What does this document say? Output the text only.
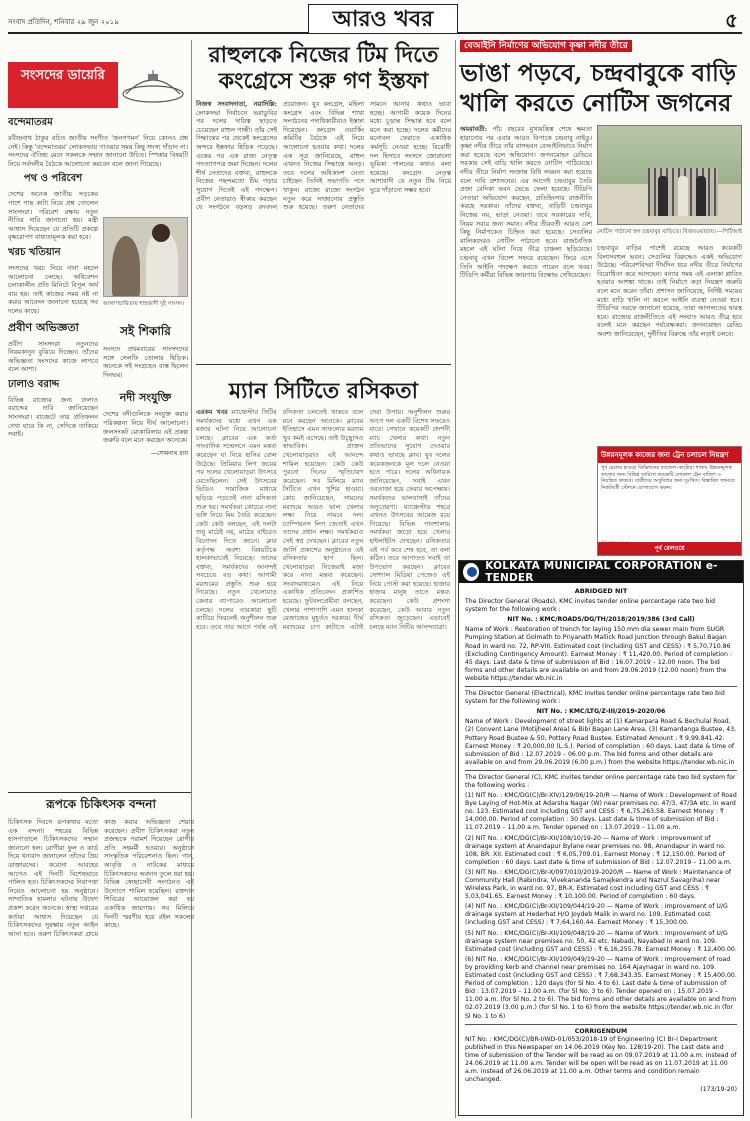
সংবাদ প্রতিদিন, শনিবার ২৯ জুন ২০১৯	আরও খবর	৫
সংসদের ডায়েরি
বন্দেমাতরম
রবীন্দ্রনাথ ঠাকুর রচিত জাতীয় সংগীত 'জনগণমন' নিয়ে কোনও প্রশ্ন নেই। কিন্তু 'বন্দেমাতরম' লোকসভায় গাওয়ার সময় কিছু সদস্য দাঁড়ান না। সংসদের ঐতিহ্য মেনে সকলকে সম্মান জানানো উচিত। স্পিকার বিষয়টি নিয়ে সর্বদলীয় বৈঠকে আলোচনা করবেন বলে জানা গিয়েছে।
আলাপচারিতায় শাহজাদী দুই সাংসদ।
পথ ও পরিবেশ
দেশের অনেক জাতীয় সড়কের পাশে গাছ কাটা নিয়ে প্রশ্ন তোলেন সাংসদরা। পরিবেশ রক্ষায় নতুন নীতির দাবি জানানো হয়। মন্ত্রী আশ্বাস দিয়েছেন যে প্রতিটি প্রকল্পে বৃক্ষরোপণ বাধ্যতামূলক করা হবে।
খরচ খতিয়ান
সংসদের খরচ নিয়ে নানা মহলে আলোচনা চলছে। অধিবেশন চলাকালীন প্রতি মিনিটে বিপুল অর্থ ব্যয় হয়। তাই কাজের সময় নষ্ট না করার আবেদন জানানো হয়েছে সব দলের কাছে।
সই শিকারি
সংসদে প্রথমবারের সাংসদদের সঙ্গে সেলফি তোলার হিড়িক। অনেকে সই সংগ্রহেও ব্যস্ত ছিলেন দিনভর।
নদী সংযুক্তি
দেশের নদীগুলিকে সংযুক্ত করার পরিকল্পনা নিয়ে দীর্ঘ আলোচনা। জলসংকট মোকাবিলায় এই প্রকল্প জরুরি বলে মনে করছেন অনেকে।
—সোমনাথ রায়
প্রবীণ অভিজ্ঞতা
প্রবীণ সাংসদরা নতুনদের নিয়মকানুন বুঝিয়ে দিচ্ছেন। তাঁদের অভিজ্ঞতা সংসদের কাজে লাগবে বলে আশা।
ঢালাও বরাদ্দ
বিভিন্ন রাজ্যের জন্য ঢালাও বরাদ্দের দাবি জানিয়েছেন সাংসদরা। বাজেটে তার প্রতিফলন দেখা যাবে কি না, সেদিকে তাকিয়ে সবাই।
রাহুলকে নিজের টিম দিতে কংগ্রেসে শুরু গণ ইস্তফা
নিজস্ব সংবাদদাতা, নয়াদিল্লি: লোকসভা নির্বাচনে ভরাডুবির পর দলের দায়িত্ব ছাড়তে চেয়েছেন রাহুল গান্ধী। তাঁর সেই সিদ্ধান্তের পর থেকেই কংগ্রেসের অন্দরে ইস্তফার হিড়িক পড়েছে। একের পর এক রাজ্য নেতৃত্ব পদত্যাগপত্র জমা দিচ্ছেন। দলের শীর্ষ নেতাদের বক্তব্য, রাহুলকে নিজের পছন্দমতো টিম গড়ার সুযোগ দিতেই এই পদক্ষেপ। প্রবীণ নেতারাও স্বীকার করছেন যে সংগঠনে বড়সড় রদবদল প্রয়োজন। যুব কংগ্রেস, মহিলা কংগ্রেস এবং বিভিন্ন শাখা সংগঠনের পদাধিকারীরাও ইস্তফা দিয়েছেন। কংগ্রেস ওয়ার্কিং কমিটির বৈঠকে এই নিয়ে আলোচনা হওয়ার কথা। দলের এক সূত্র জানিয়েছে, রাহুল এখনও নিজের সিদ্ধান্তে অনড়। তবে দলের অধিকাংশ নেতা চাইছেন তিনিই সভাপতি পদে থাকুন। রাজ্যে রাজ্যে সংগঠন নতুন করে সাজানোর প্রস্তুতি শুরু হয়েছে। তরুণ নেতাদের সামনে আনার কথাও ভাবা হচ্ছে। আগামী কয়েক দিনের মধ্যে চূড়ান্ত সিদ্ধান্ত হবে বলে মনে করা হচ্ছে। দলের কর্মীদের মনোবল ফেরাতে একাধিক কর্মসূচি নেওয়া হচ্ছে। বিরোধী দল হিসাবে সংসদে জোরালো ভূমিকা পালনের কথাও বলা হয়েছে। কংগ্রেস নেতৃত্ব আশাবাদী যে নতুন টিম নিয়ে ঘুরে দাঁড়ানো সম্ভব হবে।
ম্যান সিটিতে রসিকতা
এরকম খবর ম্যাঞ্চেস্টার সিটির সমর্থকদের মধ্যে এখন এক মজার ঘটনা নিয়ে আলোচনা চলছে। ক্লাবের এক কর্তা সাংবাদিক সম্মেলনে এমন মন্তব্য করেছেন যা নিয়ে হাসির রোল উঠেছে। প্রিমিয়ার লিগ জয়ের পর দলের খেলোয়াড়রা উৎসবে মেতেছিলেন। সেই উৎসবের ভিডিও সামাজিক মাধ্যমে ছড়িয়ে পড়তেই নানা রসিকতা শুরু হয়। সমর্থকরা কোচের নানা ভঙ্গি নিয়ে মিম তৈরি করেছেন। কেউ কেউ বলছেন, এই দলটা শুধু মাঠেই নয়, মাঠের বাইরেও বিনোদন দিতে জানে। ক্লাব কর্তৃপক্ষ অবশ্য বিষয়টিকে হালকাভাবেই নিয়েছে। তাদের বক্তব্য, সমর্থকদের আনন্দই সবচেয়ে বড় কথা। আগামী মরশুমের প্রস্তুতি শুরু হয়ে গিয়েছে। নতুন খেলোয়াড় কেনার ব্যাপারেও আলোচনা চলছে। দলের তারকারা ছুটি কাটিয়ে ফিরলেই অনুশীলন শুরু হবে। তবে তার আগে পর্যন্ত এই রসিকতা চলতেই থাকবে বলে মনে করছেন অনেকে। ক্লাবের ইতিহাসে এমন সাফল্যের মরশুম খুব কমই এসেছে। তাই উচ্ছ্বাসও স্বাভাবিক। প্রাক্তন খেলোয়াড়রাও এই আনন্দে শামিল হয়েছেন। কেউ কেউ পুরনো দিনের স্মৃতিচারণ করেছেন। সব মিলিয়ে ম্যান সিটিতে এখন খুশির হাওয়া। কোচ জানিয়েছেন, সামনের মরশুমে আরও ভাল খেলার লক্ষ্য নিয়ে নামবে দল। চ্যাম্পিয়নস লিগ জেতাই এখন তাদের প্রধান লক্ষ্য। সমর্থকরাও সেই স্বপ্ন দেখছেন। ক্লাবের নতুন জার্সি প্রকাশের অনুষ্ঠানেও এই রসিকতার ছাপ ছিল। খেলোয়াড়রা নিজেরাই মজা করে নানা মন্তব্য করেছেন। সংবাদমাধ্যমেও এই নিয়ে একাধিক প্রতিবেদন প্রকাশিত হয়েছে। ফুটবলপ্রেমীরা বলছেন, খেলার পাশাপাশি এমন হালকা মেজাজের মুহূর্তও দরকার। দীর্ঘ মরশুমের চাপ কাটাতে এটাই সেরা উপায়। অনুশীলন শুরুর আগে দল একটি বিশেষ সফরেও যাবে। সেখানে কয়েকটি প্রদর্শনী ম্যাচ খেলার কথা। নতুন প্রতিভাদের সুযোগ দেওয়ার কথাও ভাবছে ক্লাব। যুব দলের কয়েকজনকে মূল দলে নেওয়া হতে পারে। দলের অধিনায়ক জানিয়েছেন, সবাই এখন তরতাজা হয়ে ফেরার অপেক্ষায়। সমর্থকদের ভালবাসাই তাঁদের অনুপ্রেরণা। ম্যাঞ্চেস্টার শহরে এখনও উৎসবের আমেজ রয়ে গিয়েছে। বিভিন্ন পানশালায় সমর্থকরা জড়ো হয়ে খেলার হাইলাইটস দেখছেন। রসিকতার এই পর্ব কবে শেষ হবে, তা বলা কঠিন। তবে আপাতত সবাই তা উপভোগ করছেন। ক্লাবের সোশ্যাল মিডিয়া পেজেও এই নিয়ে পোস্ট করা হয়েছে। হাজার হাজার মানুষ তাতে মন্তব্য করেছেন। কেউ প্রশংসা করেছেন, কেউ আবার নতুন রসিকতা জুড়েছেন। এভাবেই চলছে ম্যান সিটির আনন্দযাত্রা।
বেআইনি নির্মাণের অভিযোগ কৃষ্ণা নদীর তীরে
ভাঙা পড়বে, চন্দ্রবাবুকে বাড়ি খালি করতে নোটিস জগনের
অমরাবতী: পাঁচ বছরের মুখ্যমন্ত্রিত্ব শেষে ক্ষমতা হারানোর পর এবার আরও বিপাকে চন্দ্রবাবু নাইডু। কৃষ্ণা নদীর তীরে তাঁর বাসভবন বেআইনিভাবে নির্মাণ করা হয়েছে বলে অভিযোগ। জগনমোহন রেড্ডির সরকার সেই বাড়ি খালি করতে নোটিস পাঠিয়েছে। নদীর তীরে নির্মাণ সংক্রান্ত বিধি লঙ্ঘন করা হয়েছে বলে দাবি প্রশাসনের। এর আগেই চন্দ্রবাবুর তৈরি প্রজা বেদিকা ভবন ভেঙে ফেলা হয়েছে। টিডিপি নেতারা অভিযোগ করছেন, প্রতিহিংসার রাজনীতি করছে সরকার। তাঁদের বক্তব্য, বাড়িটি চন্দ্রবাবুর নিজের নয়, ভাড়া নেওয়া। তবে সরকারের দাবি, নিয়ম সবার জন্য সমান। নদীর তীরবর্তী আরও বেশ কিছু নির্মাণকেও চিহ্নিত করা হয়েছে। সেগুলির মালিকদেরও নোটিস পাঠানো হবে। রাজনৈতিক মহলে এই ঘটনা নিয়ে তীব্র চাঞ্চল্য ছড়িয়েছে। চন্দ্রবাবু এখন বিদেশ সফরে রয়েছেন। ফিরে এসে তিনি আইনি পদক্ষেপ করতে পারেন বলে খবর। টিডিপি কর্মীরা বিভিন্ন জায়গায় বিক্ষোভ দেখিয়েছেন।
নোটিস পাঠানো হল চন্দ্রবাবুর বাড়িতে। বিজয়ওয়াড়ায়। —পিটিআই
চন্দ্রবাবুর বাড়ির পাশেই রয়েছে আরও কয়েকটি বিলাসবহুল ভবন। সেগুলির বিরুদ্ধেও একই অভিযোগ উঠেছে। পরিবেশবিদরা দীর্ঘদিন ধরে নদীর তীরে নির্মাণের বিরোধিতা করে আসছেন। বন্যার সময় এই এলাকা প্লাবিত হওয়ার আশঙ্কা থাকে। তাই নির্মাণে কড়া নিয়ন্ত্রণ জরুরি বলে মনে করেন তাঁরা। প্রশাসন জানিয়েছে, নির্দিষ্ট সময়ের মধ্যে বাড়ি খালি না করলে আইনি ব্যবস্থা নেওয়া হবে। টিডিপির তরফে জানানো হয়েছে, তারা আদালতের দ্বারস্থ হবে। রাজ্যের রাজনীতিতে এই সংঘাত আরও তীব্র হবে বলেই মনে করছেন পর্যবেক্ষকরা। জগনমোহন রেড্ডি অবশ্য জানিয়েছেন, দুর্নীতির বিরুদ্ধে তাঁর লড়াই চলবে।
উন্নয়নমূলক কাজের জন্য ট্রেন চলাচল নিয়ন্ত্রণ
পূর্ব রেলের হাওড়া ডিভিশনের ব্যান্ডেল–কাটোয়া শাখায় উন্নয়নমূলক কাজের জন্য বিভিন্ন তারিখে কয়েকটি লোকাল ট্রেন বাতিল ও নিয়ন্ত্রিত থাকবে। যাত্রীদের অসুবিধার জন্য দুঃখিত। বিস্তারিত জানতে নিকটবর্তী স্টেশনে যোগাযোগ করুন।
পূর্ব রেলওয়ে
KOLKATA MUNICIPAL CORPORATION e- TENDER
ABRIDGED NIT
The Director General (Roads), KMC invites tender online percentage rate two bid system for the following work :
NIT No. : KMC/ROADS/DG/TH/2018/2019/386 (3rd Call)
Name of Work : Restoration of trench for laying 150 mm dia sewer main from SUGR Pumping Station at Golmath to Priyanath Mallick Road Junction through Bakul Bagan Road in ward no. 72, RP-VIII. Estimated cost (including GST and CESS) : ₹ 5,70,710.86 (Excluding Contingency Amount). Earnest Money : ₹ 11,420.00. Period of completion : 45 days. Last date & time of submission of Bid : 16.07.2019 – 12.00 noon. The bid forms and other details are available on and from 29.06.2019 (12.00 noon) from the website https://tender.wb.nic.in
The Director General (Electrical), KMC invites tender online percentage rate two bid system for the following work :
NIT No. : KMC/LTG/Z-III/2019-2020/06
Name of Work : Development of street lights at (1) Kamarpara Road & Bechulal Road, (2) Convent Lane (Motijheel Area) & Bibi Bagan Lane Area, (3) Kamardanga Bustee, 43, Pottery Road Bustee & 50, Pottery Road Bustee. Estimated Amount : ₹ 9,99,841.42. Earnest Money : ₹ 20,000.00 (L.S.). Period of completion : 60 days. Last date & time of submission of Bid : 12.07.2019 – 06.00 p.m. The bid forms and other details are available on and from 29.06.2019 (6.00 p.m.) from the website https://tender.wb.nic.in
The Director General (C), KMC invites tender online percentage rate two bid system for the following works :
(1) NIT No. : KMC/DG(C)/Br-XIV/129/06/19-20/R — Name of Work : Development of Road Bye Laying of Hot-Mix at Adarsha Nagar (W) near premises no. 47/3, 47/3A etc. in ward no. 123. Estimated cost including GST and CESS : ₹ 6,75,263.58. Earnest Money : ₹ 14,000.00. Period of completion : 30 days. Last date & time of submission of Bid : 11.07.2019 – 11.00 a.m. Tender opened on : 13.07.2019 – 11.00 a.m.
(2) NIT No. : KMC/DG(C)/Br-XII/108/10/19-20 — Name of Work : Improvement of drainage system at Anandapur Bylane near premises no. 98, Anandapur in ward no. 108, BR. XII. Estimated cost : ₹ 6,05,709.01. Earnest Money : ₹ 12,150.00. Period of completion : 60 days. Last date & time of submission of Bid : 12.07.2019 – 11.00 a.m.
(3) NIT No. : KMC/DG(C)/Br-X/097/010/2019-2020/R — Name of Work : Maintenance of Community Hall (Rabindra, Vivekananda Samajkendra and Nazrul Savagriha) near Wireless Park, in ward no. 97, BR-X. Estimated cost including GST and CESS : ₹ 5,03,041.65. Earnest Money : ₹ 10,100.00. Period of completion : 60 days.
(4) NIT No. : KMC/DG(C)/Br-XII/109/044/19-20 — Name of Work : Improvement of U/G drainage system at Hederhat H/O Joydeb Malik in ward no. 109. Estimated cost (including GST and CESS) : ₹ 7,64,160.44. Earnest Money : ₹ 15,300.00.
(5) NIT No. : KMC/DG(C)/Br-XII/109/048/19-20 — Name of Work : Improvement of U/G drainage system near premises no. 50, 42 etc. Nabadi, Nayabad in ward no. 109. Estimated cost (including GST and CESS) : ₹ 6,16,255.78. Earnest Money : ₹ 12,400.00.
(6) NIT No. : KMC/DG(C)/Br-XII/109/049/19-20 — Name of Work : Improvement of road by providing kerb and channel near premises no. 164 Ajaynagar in ward no. 109. Estimated cost (including GST and CESS) : ₹ 7,68,343.35. Earnest Money : ₹ 15,400.00. Period of completion : 120 days (for Sl No. 4 to 6). Last date & time of submission of Bid : 13.07.2019 – 11.00 a.m. (for Sl No. 3 to 6). Tender opened on : 15.07.2019 – 11.00 a.m. (for Sl No. 2 to 6). The bid forms and other details are available on and from 02.07.2019 (3.00 p.m.) (for Sl No. 1 to 6) from the website https://tender.wb.nic.in (for Sl No. 1 to 6)
CORRIGENDUM
NIT No. : KMC/DG(C)/BR-I/WD-01/053/2018-19 of Engineering (C) Br-I Department published in this Newspaper on 14.06.2019 (Key No. 128/19-20). The Last date and time of submission of the Tender will be read as on 09.07.2019 at 11.00 a.m. instead of 24.06.2019 at 11.00 a.m. Tender will be open will be read as on 11.07.2019 at 11.00 a.m. instead of 26.06.2019 at 11.00 a.m. Other terms and condition remain unchanged.
(173/19-20)
রূপকে চিকিৎসক বন্দনা
চিকিৎসক দিবসে রূপকথার মতো এক বন্দনা। শহরের বিভিন্ন হাসপাতালে চিকিৎসকদের সম্মান জানানো হল। রোগীরা ফুল ও কার্ড দিয়ে ধন্যবাদ জানালেন তাঁদের প্রিয় ডাক্তারদের। করোনা আবহের আগেও এই দিনটি বিশেষভাবে পালিত হত। চিকিৎসকদের নিরাপত্তা নিয়েও আলোচনা হয় অনুষ্ঠানে। সাম্প্রতিক হামলার ঘটনায় উদ্বেগ প্রকাশ করেন অনেকে। স্বাস্থ্য দপ্তরের কর্তারা আশ্বাস দিয়েছেন যে চিকিৎসকদের সুরক্ষায় নতুন আইন আনা হবে। তরুণ চিকিৎসকরা গ্রামে কাজ করার অভিজ্ঞতা শেয়ার করেছেন। প্রবীণ চিকিৎসকরা নতুন প্রজন্মকে পরামর্শ দিয়েছেন রোগীর প্রতি সহমর্মী হওয়ার। অনুষ্ঠানে সাংস্কৃতিক পরিবেশনাও ছিল। গান, আবৃত্তি ও নাটকের মাধ্যমে চিকিৎসকদের অবদান তুলে ধরা হয়। বিভিন্ন স্বেচ্ছাসেবী সংগঠনও এই উদ্যোগে শামিল হয়েছিল। রক্তদান শিবিরের আয়োজন করা হয় একাধিক জায়গায়। সব মিলিয়ে দিনটি স্মরণীয় হয়ে রইল সকলের কাছে।
